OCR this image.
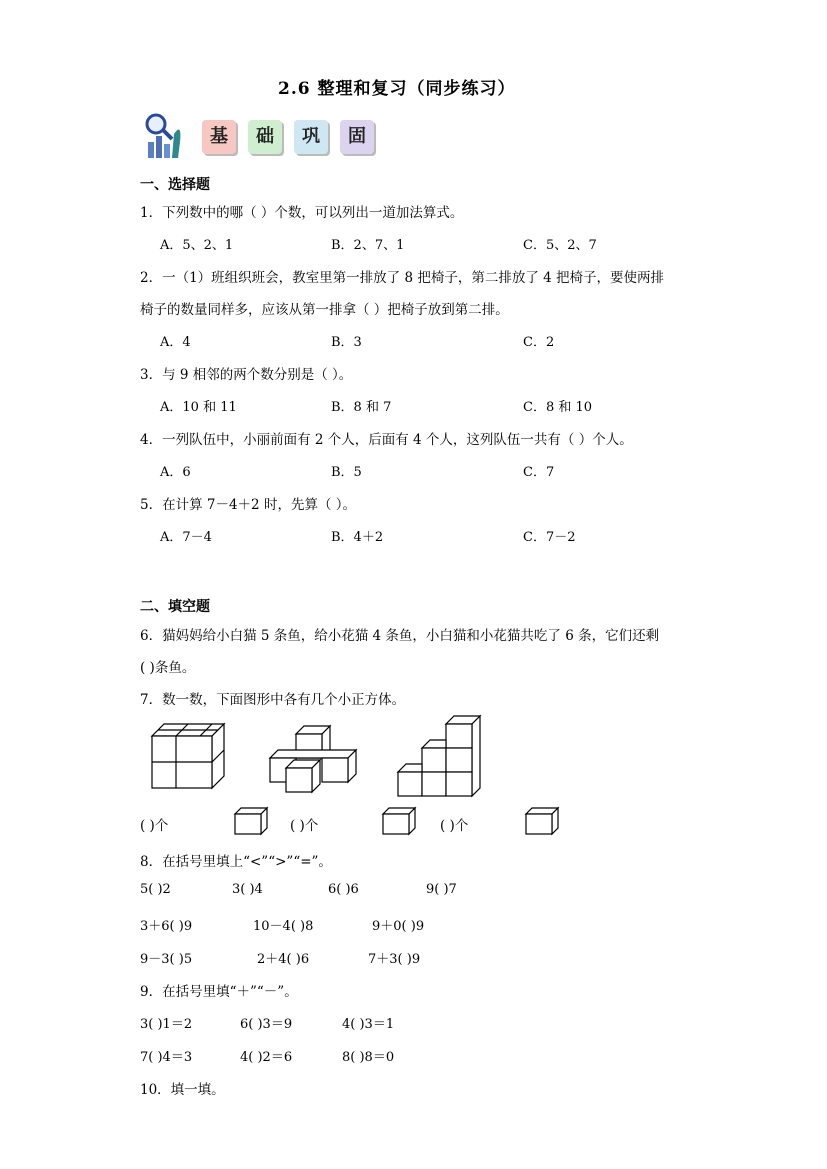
2.6 整理和复习（同步练习）
基	础	巩	固
一、选择题
1．下列数中的哪（ ）个数，可以列出一道加法算式。
A．5、2、1	B．2、7、1	C．5、2、7
2．一（1）班组织班会，教室里第一排放了 8 把椅子，第二排放了 4 把椅子，要使两排
椅子的数量同样多，应该从第一排拿（ ）把椅子放到第二排。
A．4	B．3	C．2
3．与 9 相邻的两个数分别是（ ）。
A．10 和 11	B．8 和 7	C．8 和 10
4．一列队伍中，小丽前面有 2 个人，后面有 4 个人，这列队伍一共有（ ）个人。
A．6	B．5	C．7
5．在计算 7－4＋2 时，先算（ ）。
A．7－4	B．4＋2	C．7－2
二、填空题
6．猫妈妈给小白猫 5 条鱼，给小花猫 4 条鱼，小白猫和小花猫共吃了 6 条，它们还剩
( )条鱼。
7．数一数，下面图形中各有几个小正方体。
( )个	( )个	( )个
8．在括号里填上“<”“>”“=”。
5( )2	3( )4	6( )6	9( )7
3＋6( )9	10－4( )8	9＋0( )9
9－3( )5	2＋4( )6	7＋3( )9
9．在括号里填“＋”“－”。
3( )1＝2	6( )3＝9	4( )3＝1
7( )4＝3	4( )2＝6	8( )8＝0
10．填一填。
